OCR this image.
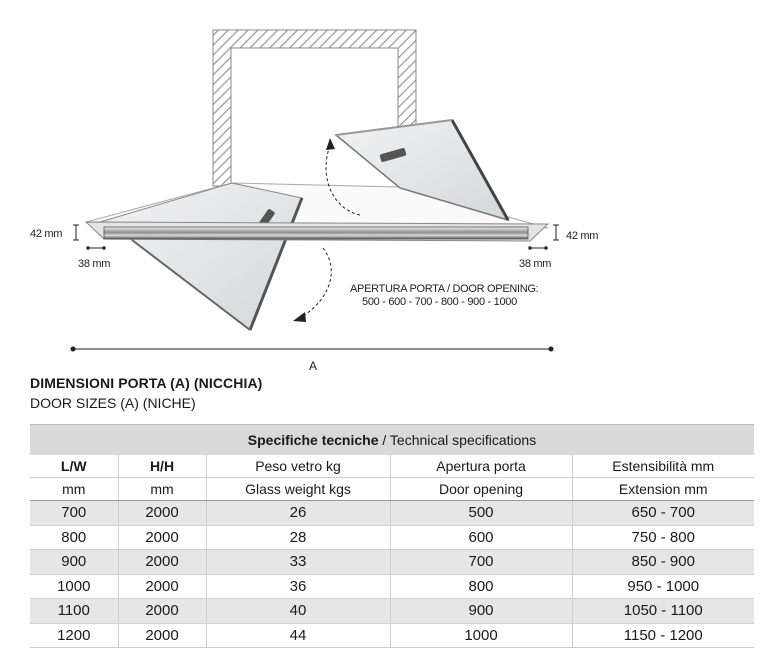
42 mm	42 mm
38 mm	38 mm
APERTURA PORTA / DOOR OPENING:
500 - 600 - 700 - 800 - 900 - 1000
A
DIMENSIONI PORTA (A) (NICCHIA)
DOOR SIZES (A) (NICHE)
Specifiche tecniche / Technical specifications				
L/W	H/H	Peso vetro kg	Apertura porta	Estensibilità mm
mm	mm	Glass weight kgs	Door opening	Extension mm
700	2000	26	500	650 - 700
800	2000	28	600	750 - 800
900	2000	33	700	850 - 900
1000	2000	36	800	950 - 1000
1100	2000	40	900	1050 - 1100
1200	2000	44	1000	1150 - 1200
